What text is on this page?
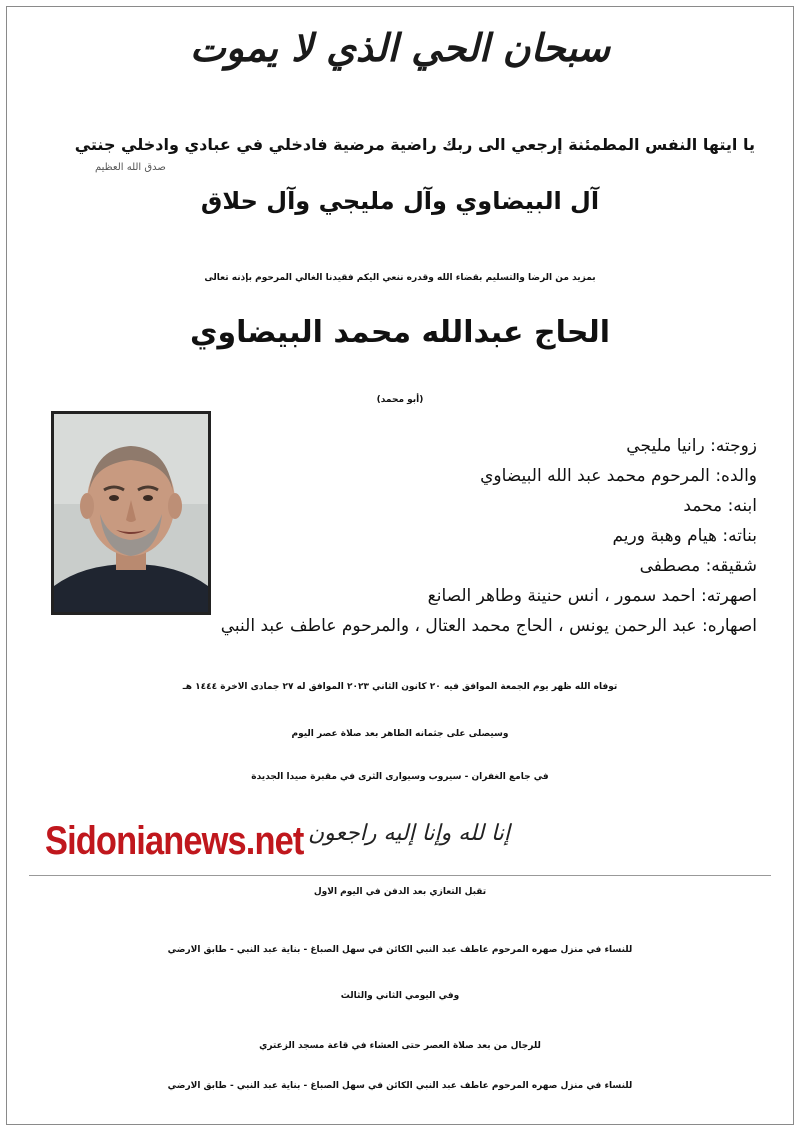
سبحان الحي الذي لا يموت
يا ايتها النفس المطمئنة إرجعي الى ربك راضية مرضية فادخلي في عبادي وادخلي جنتي
صدق الله العظيم
آل البيضاوي وآل مليجي وآل حلاق
بمزيد من الرضا والتسليم بقضاء الله وقدره ننعي اليكم فقيدنا الغالي المرحوم بإذنه تعالى
الحاج عبدالله محمد البيضاوي
(أبو محمد)
زوجته: رانيا مليجي
والده: المرحوم محمد عبد الله البيضاوي
ابنه: محمد
بناته: هيام وهبة وريم
شقيقه: مصطفى
اصهرته: احمد سمور ، انس حنينة وطاهر الصانع
اصهاره: عبد الرحمن يونس ، الحاج محمد العتال ، والمرحوم عاطف عبد النبي
توفاه الله ظهر يوم الجمعة الموافق فيه ٢٠ كانون الثاني ٢٠٢٣ الموافق له ٢٧ جمادى الاخرة ١٤٤٤ هـ
وسيصلى على جثمانه الطاهر بعد صلاة عصر اليوم
في جامع الغفران - سيروب وسيوارى الثرى في مقبرة صيدا الجديدة
Sidonianews.net إنا لله وإنا إليه راجعون
تقبل التعازي بعد الدفن في اليوم الاول
للنساء في منزل صهره المرحوم عاطف عبد النبي الكائن في سهل الصباغ - بناية عبد النبي - طابق الارضي
وفي اليومي الثاني والثالث
للرجال من بعد صلاة العصر حتى العشاء في قاعة مسجد الزعتري
للنساء في منزل صهره المرحوم عاطف عبد النبي الكائن في سهل الصباغ - بناية عبد النبي - طابق الارضي
